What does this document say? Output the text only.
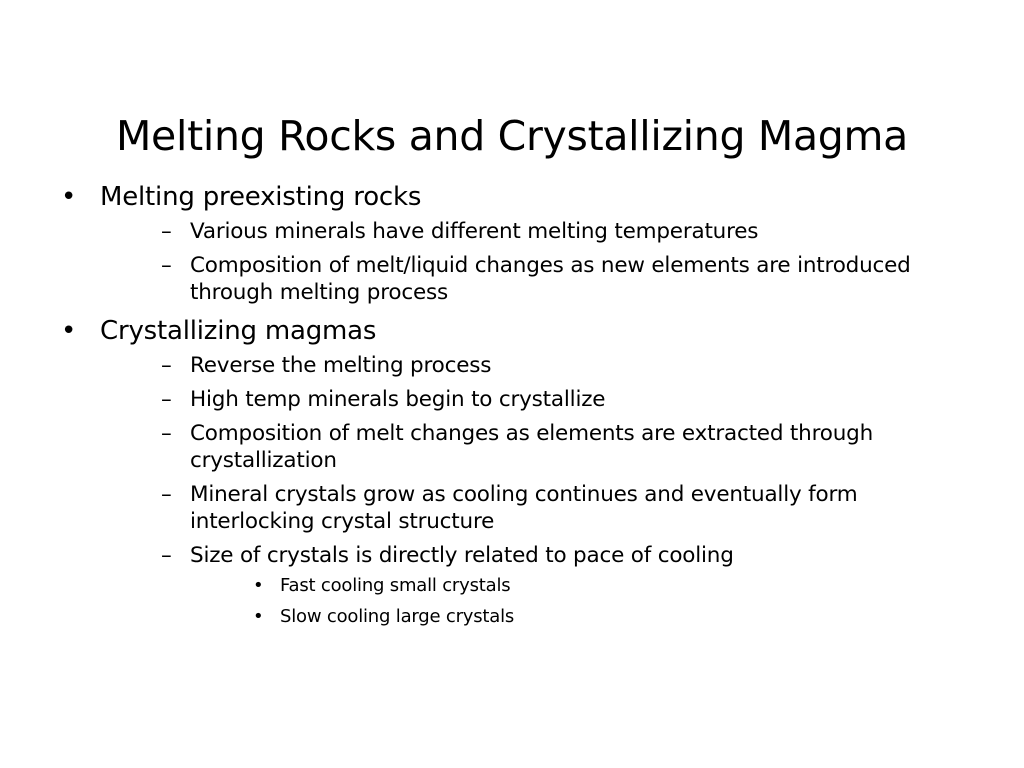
Melting Rocks and Crystallizing Magma
• Melting preexisting rocks
– Various minerals have different melting temperatures
– Composition of melt/liquid changes as new elements are introduced through melting process
• Crystallizing magmas
– Reverse the melting process
– High temp minerals begin to crystallize
– Composition of melt changes as elements are extracted through crystallization
– Mineral crystals grow as cooling continues and eventually form interlocking crystal structure
– Size of crystals is directly related to pace of cooling
• Fast cooling small crystals
• Slow cooling large crystals
